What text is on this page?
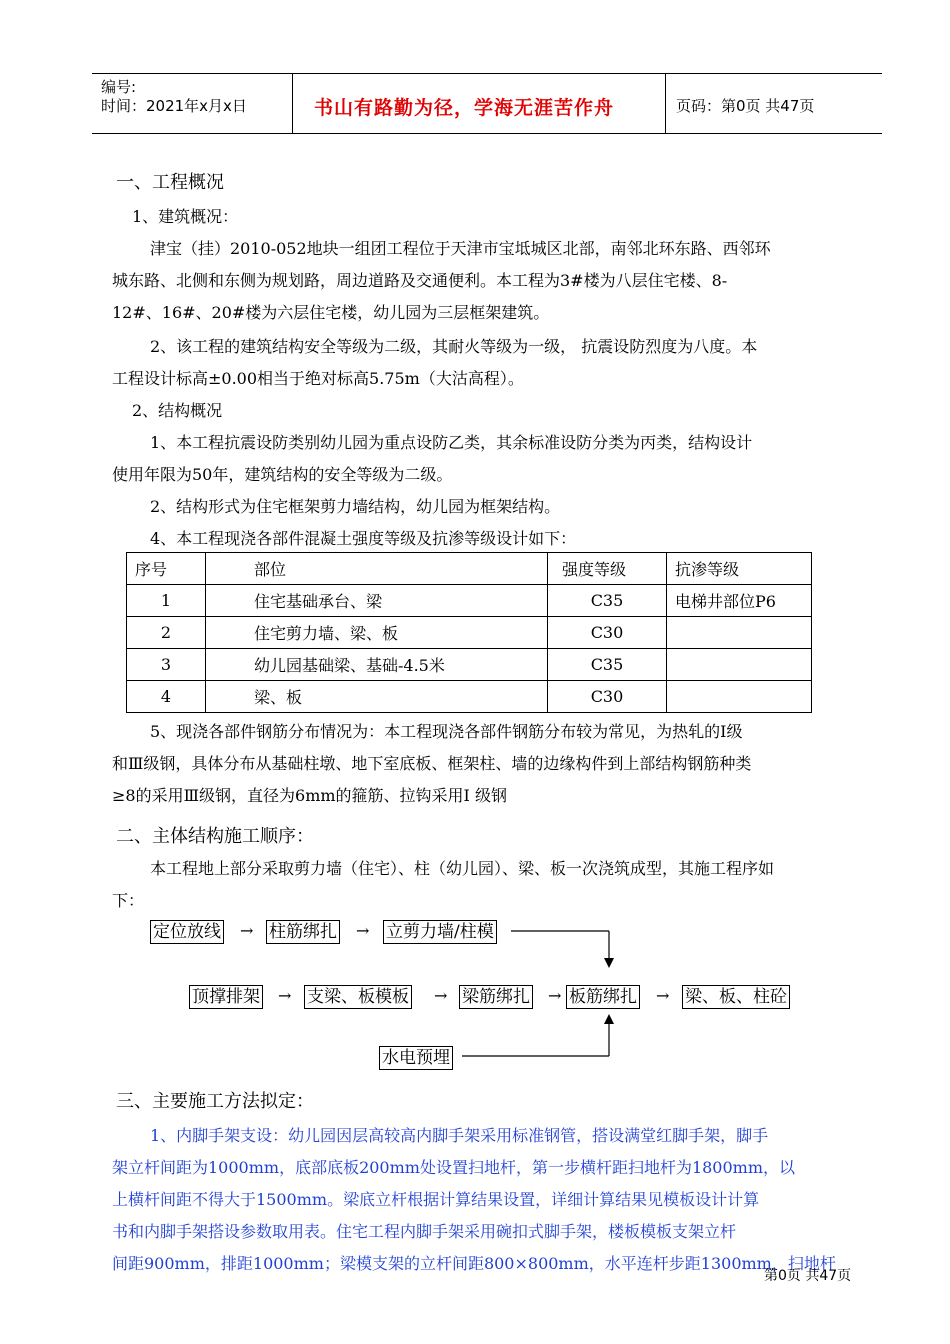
编号:
时间：2021年x月x日	书山有路勤为径，学海无涯苦作舟	页码：第0页 共47页
一、工程概况
1、建筑概况：
津宝（挂）2010-052地块一组团工程位于天津市宝坻城区北部，南邻北环东路、西邻环
城东路、北侧和东侧为规划路，周边道路及交通便利。本工程为3#楼为八层住宅楼、8-
12#、16#、20#楼为六层住宅楼，幼儿园为三层框架建筑。
2、该工程的建筑结构安全等级为二级，其耐火等级为一级， 抗震设防烈度为八度。本
工程设计标高±0.00相当于绝对标高5.75m（大沽高程）。
2、结构概况
1、本工程抗震设防类别幼儿园为重点设防乙类，其余标准设防分类为丙类，结构设计
使用年限为50年，建筑结构的安全等级为二级。
2、结构形式为住宅框架剪力墙结构，幼儿园为框架结构。
4、本工程现浇各部件混凝土强度等级及抗渗等级设计如下：
序号	部位	强度等级	抗渗等级
1	住宅基础承台、梁	C35	电梯井部位P6
2	住宅剪力墙、梁、板	C30	
3	幼儿园基础梁、基础-4.5米	C35	
4	梁、板	C30	
5、现浇各部件钢筋分布情况为：本工程现浇各部件钢筋分布较为常见，为热轧的Ⅰ级
和Ⅲ级钢，具体分布从基础柱墩、地下室底板、框架柱、墙的边缘构件到上部结构钢筋种类
≥8的采用Ⅲ级钢，直径为6mm的箍筋、拉钩采用Ⅰ 级钢
二、主体结构施工顺序：
本工程地上部分采取剪力墙（住宅）、柱（幼儿园）、梁、板一次浇筑成型，其施工程序如
下：
定位放线 → 柱筋绑扎 → 立剪力墙/柱模
顶撑排架 → 支梁、板模板 → 梁筋绑扎 → 板筋绑扎 → 梁、板、柱砼
水电预埋
三、主要施工方法拟定：
1、内脚手架支设：幼儿园因层高较高内脚手架采用标准钢管，搭设满堂红脚手架，脚手
架立杆间距为1000mm，底部底板200mm处设置扫地杆，第一步横杆距扫地杆为1800mm，以
上横杆间距不得大于1500mm。梁底立杆根据计算结果设置，详细计算结果见模板设计计算
书和内脚手架搭设参数取用表。住宅工程内脚手架采用碗扣式脚手架，楼板模板支架立杆
间距900mm，排距1000mm；梁模支架的立杆间距800×800mm，水平连杆步距1300mm，扫地杆
第0页 共47页
